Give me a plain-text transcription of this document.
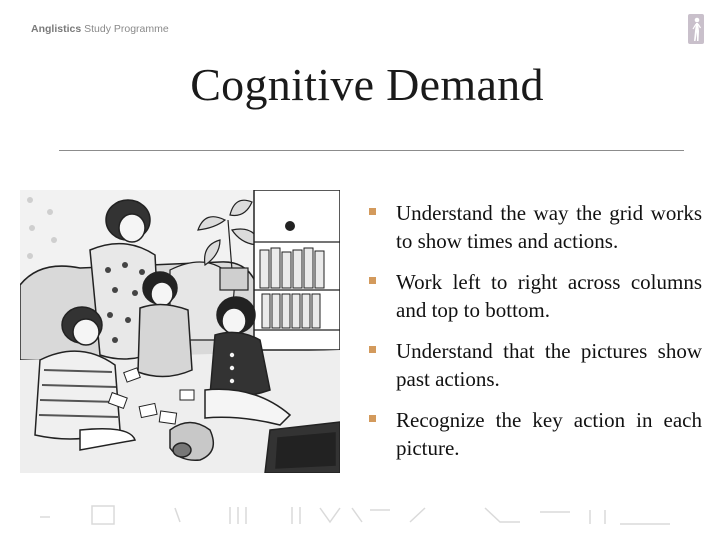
Anglistics Study Programme
Cognitive Demand
Understand the way the grid works to show times and actions.
Work left to right across columns and top to bottom.
Understand that the pictures show past actions.
Recognize the key action in each picture.
